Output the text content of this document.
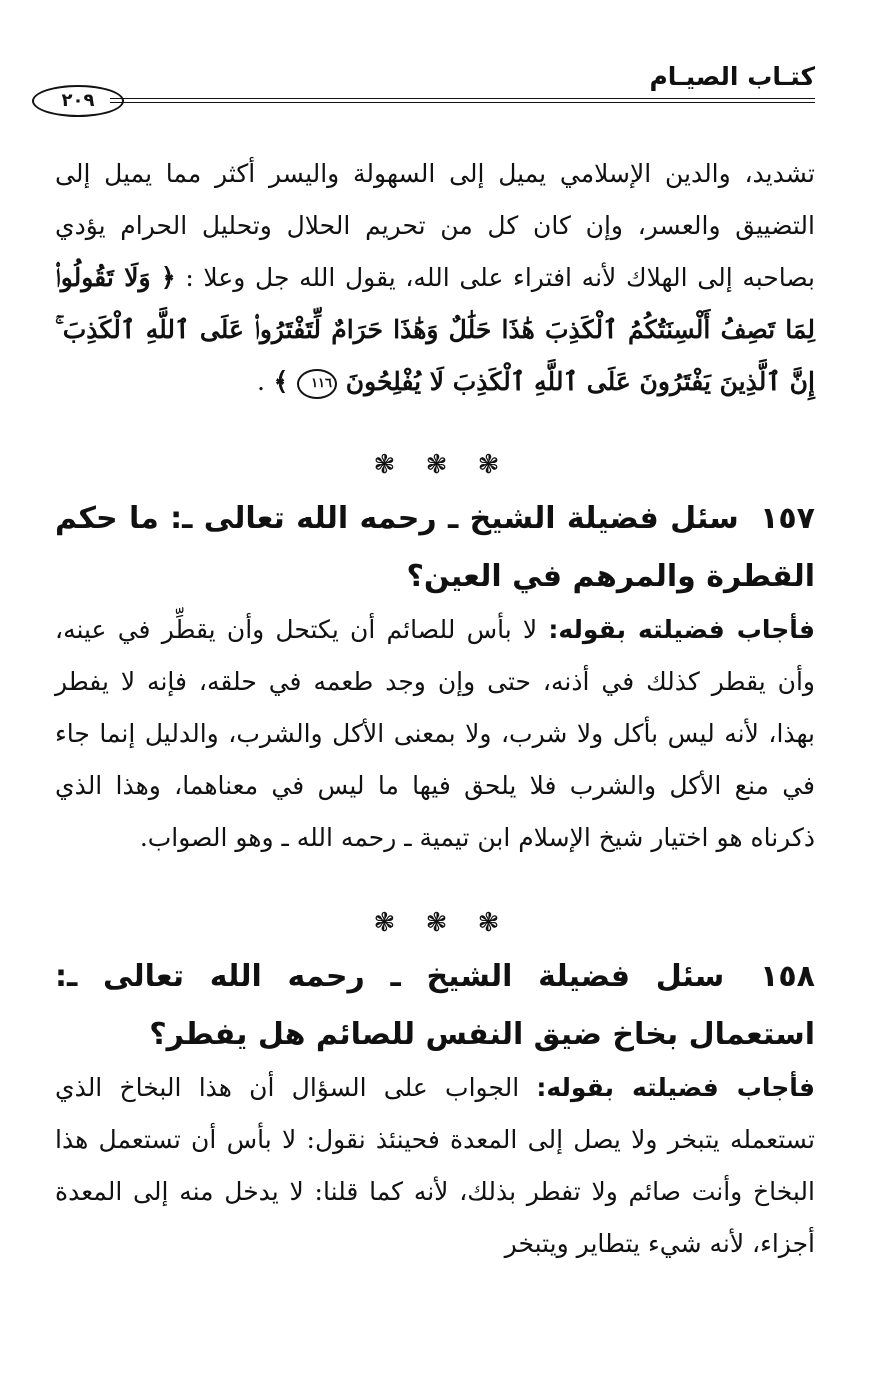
كتـاب الصيـام
٢٠٩

تشديد، والدين الإسلامي يميل إلى السهولة واليسر أكثر مما يميل إلى التضييق والعسر، وإن كان كل من تحريم الحلال وتحليل الحرام يؤدي بصاحبه إلى الهلاك لأنه افتراء على الله، يقول الله جل وعلا : ﴿ وَلَا تَقُولُوا۟ لِمَا تَصِفُ أَلْسِنَتُكُمُ ٱلْكَذِبَ هَٰذَا حَلَٰلٌ وَهَٰذَا حَرَامٌ لِّتَفْتَرُوا۟ عَلَى ٱللَّهِ ٱلْكَذِبَ ۚ إِنَّ ٱلَّذِينَ يَفْتَرُونَ عَلَى ٱللَّهِ ٱلْكَذِبَ لَا يُفْلِحُونَ ١١٦ ﴾ .

❃ ❃ ❃

١٥٧ سئل فضيلة الشيخ ـ رحمه الله تعالى ـ: ما حكم القطرة والمرهم في العين؟

فأجاب فضيلته بقوله: لا بأس للصائم أن يكتحل وأن يقطِّر في عينه، وأن يقطر كذلك في أذنه، حتى وإن وجد طعمه في حلقه، فإنه لا يفطر بهذا، لأنه ليس بأكل ولا شرب، ولا بمعنى الأكل والشرب، والدليل إنما جاء في منع الأكل والشرب فلا يلحق فيها ما ليس في معناهما، وهذا الذي ذكرناه هو اختيار شيخ الإسلام ابن تيمية ـ رحمه الله ـ وهو الصواب.

❃ ❃ ❃

١٥٨ سئل فضيلة الشيخ ـ رحمه الله تعالى ـ: استعمال بخاخ ضيق النفس للصائم هل يفطر؟

فأجاب فضيلته بقوله: الجواب على السؤال أن هذا البخاخ الذي تستعمله يتبخر ولا يصل إلى المعدة فحينئذ نقول: لا بأس أن تستعمل هذا البخاخ وأنت صائم ولا تفطر بذلك، لأنه كما قلنا: لا يدخل منه إلى المعدة أجزاء، لأنه شيء يتطاير ويتبخر
